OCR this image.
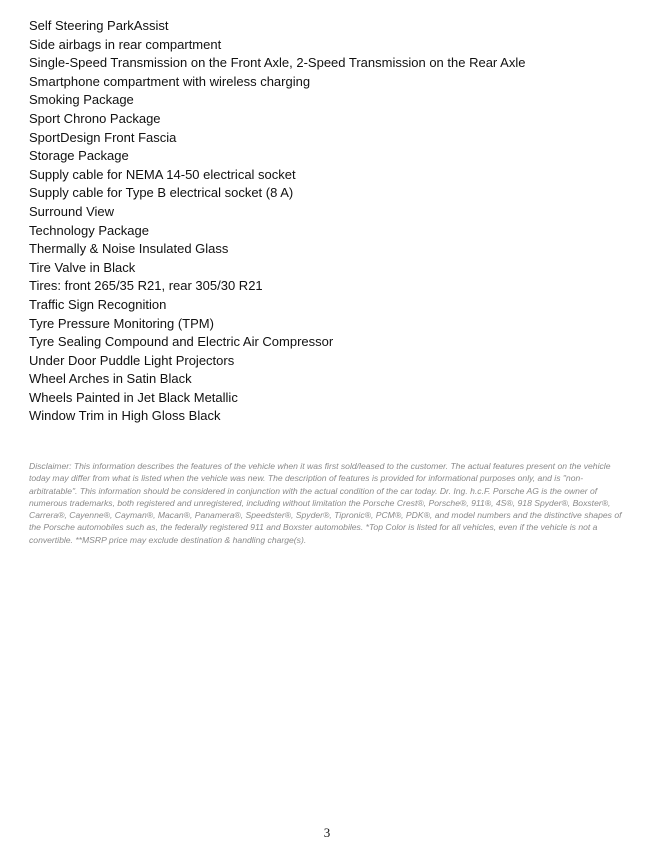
Self Steering ParkAssist
Side airbags in rear compartment
Single-Speed Transmission on the Front Axle, 2-Speed Transmission on the Rear Axle
Smartphone compartment with wireless charging
Smoking Package
Sport Chrono Package
SportDesign Front Fascia
Storage Package
Supply cable for NEMA 14-50 electrical socket
Supply cable for Type B electrical socket (8 A)
Surround View
Technology Package
Thermally & Noise Insulated Glass
Tire Valve in Black
Tires: front 265/35 R21, rear 305/30 R21
Traffic Sign Recognition
Tyre Pressure Monitoring (TPM)
Tyre Sealing Compound and Electric Air Compressor
Under Door Puddle Light Projectors
Wheel Arches in Satin Black
Wheels Painted in Jet Black Metallic
Window Trim in High Gloss Black

Disclaimer: This information describes the features of the vehicle when it was first sold/leased to the customer. The actual features present on the vehicle today may differ from what is listed when the vehicle was new. The description of features is provided for informational purposes only, and is "non-arbitratable". This information should be considered in conjunction with the actual condition of the car today. Dr. Ing. h.c.F. Porsche AG is the owner of numerous trademarks, both registered and unregistered, including without limitation the Porsche Crest®, Porsche®, 911®, 4S®, 918 Spyder®, Boxster®, Carrera®, Cayenne®, Cayman®, Macan®, Panamera®, Speedster®, Spyder®, Tipronic®, PCM®, PDK®, and model numbers and the distinctive shapes of the Porsche automobiles such as, the federally registered 911 and Boxster automobiles. *Top Color is listed for all vehicles, even if the vehicle is not a convertible. **MSRP price may exclude destination & handling charge(s).

3
